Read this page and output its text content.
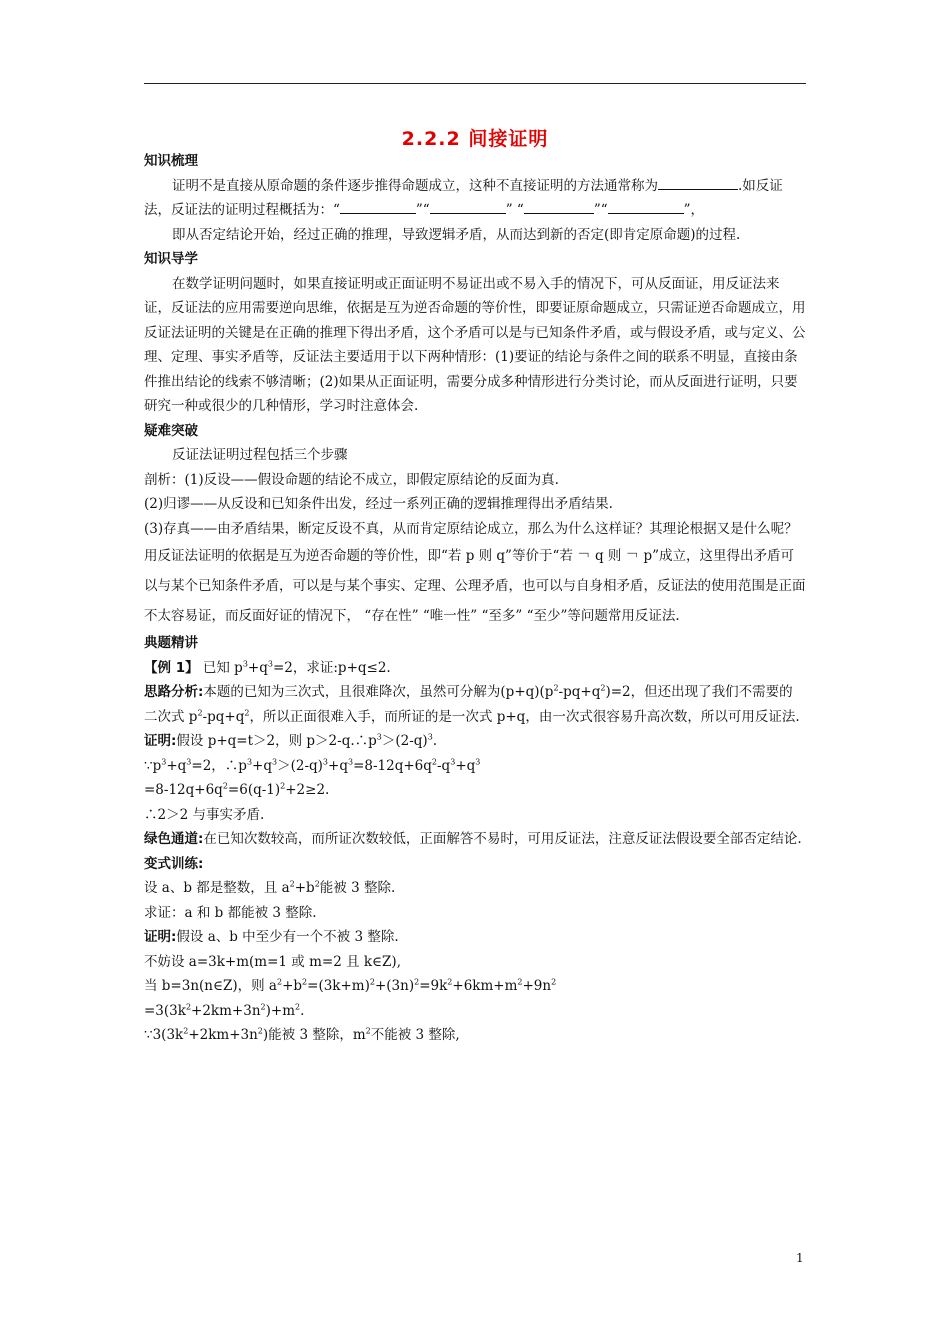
2.2.2 间接证明

知识梳理

证明不是直接从原命题的条件逐步推得命题成立，这种不直接证明的方法通常称为	.如反证法，反证法的证明过程概括为：“	”“	” “	”“	”，

即从否定结论开始，经过正确的推理，导致逻辑矛盾，从而达到新的否定(即肯定原命题)的过程.

知识导学

在数学证明问题时，如果直接证明或正面证明不易证出或不易入手的情况下，可从反面证，用反证法来证，反证法的应用需要逆向思维，依据是互为逆否命题的等价性，即要证原命题成立，只需证逆否命题成立，用反证法证明的关键是在正确的推理下得出矛盾，这个矛盾可以是与已知条件矛盾，或与假设矛盾，或与定义、公理、定理、事实矛盾等，反证法主要适用于以下两种情形：(1)要证的结论与条件之间的联系不明显，直接由条件推出结论的线索不够清晰；(2)如果从正面证明，需要分成多种情形进行分类讨论，而从反面进行证明，只要研究一种或很少的几种情形，学习时注意体会.

疑难突破

反证法证明过程包括三个步骤

剖析：(1)反设——假设命题的结论不成立，即假定原结论的反面为真.

(2)归谬——从反设和已知条件出发，经过一系列正确的逻辑推理得出矛盾结果.

(3)存真——由矛盾结果，断定反设不真，从而肯定原结论成立，那么为什么这样证？其理论根据又是什么呢？

用反证法证明的依据是互为逆否命题的等价性，即“若 p 则 q”等价于“若 ￢ q 则 ￢ p”成立，这里得出矛盾可以与某个已知条件矛盾，可以是与某个事实、定理、公理矛盾，也可以与自身相矛盾，反证法的使用范围是正面不太容易证，而反面好证的情况下， “存在性” “唯一性” “至多” “至少”等问题常用反证法.

典题精讲

【例 1】 已知 $p^3+q^3=2$，求证:p+q≤2.

思路分析:本题的已知为三次式，且很难降次，虽然可分解为$(p+q)(p^2-pq+q^2)=2$，但还出现了我们不需要的二次式 $p^2-pq+q^2$，所以正面很难入手，而所证的是一次式 p+q，由一次式很容易升高次数，所以可用反证法.

证明:假设 p+q=t＞2，则 $p>2-q.\therefore p^3>(2-q)^3$.

$\because p^3+q^3=2$，$\therefore p^3+q^3>(2-q)^3+q^3=8-12q+6q^2-q^3+q^3$

$=8-12q+6q^2=6(q-1)^2+2\ge 2$.

∴2＞2 与事实矛盾.

绿色通道:在已知次数较高，而所证次数较低，正面解答不易时，可用反证法，注意反证法假设要全部否定结论.

变式训练:

设 a、b 都是整数，且 $a^2+b^2$能被 3 整除.

求证：a 和 b 都能被 3 整除.

证明:假设 a、b 中至少有一个不被 3 整除.

不妨设 a=3k+m(m=1 或 m=2 且 k∈Z),

当 b=3n(n∈Z)，则 $a^2+b^2=(3k+m)^2+(3n)^2=9k^2+6km+m^2+9n^2$

$=3(3k^2+2km+3n^2)+m^2$.

$\because 3(3k^2+2km+3n^2)$能被 3 整除，$m^2$不能被 3 整除,

1
